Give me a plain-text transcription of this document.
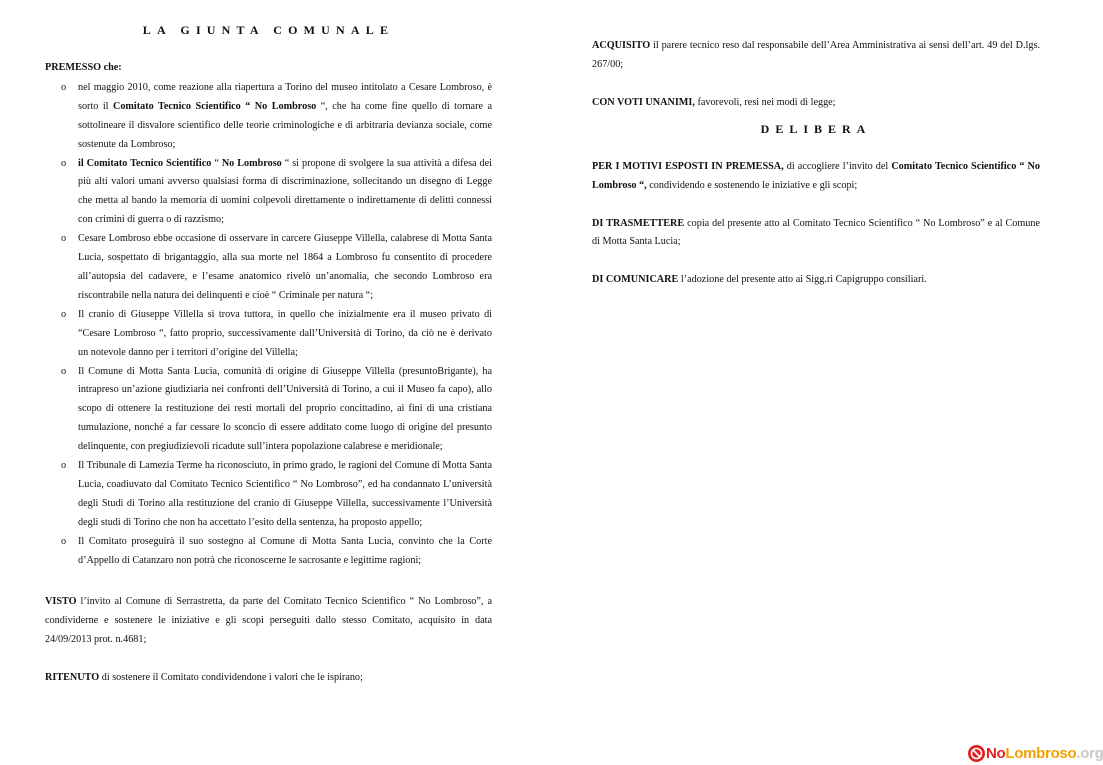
LA GIUNTA COMUNALE
PREMESSO che:
o nel maggio 2010, come reazione alla riapertura a Torino del museo intitolato a Cesare Lombroso, è sorto il Comitato Tecnico Scientifico “ No Lombroso “, che ha come fine quello di tornare a sottolineare il disvalore scientifico delle teorie criminologiche e di arbitraria devianza sociale, come sostenute da Lombroso;
o il Comitato Tecnico Scientifico “ No Lombroso “ si propone di svolgere la sua attività a difesa dei più alti valori umani avverso qualsiasi forma di discriminazione, sollecitando un disegno di Legge che metta al bando la memoria di uomini colpevoli direttamente o indirettamente di delitti connessi con crimini di guerra o di razzismo;
o Cesare Lombroso ebbe occasione di osservare in carcere Giuseppe Villella, calabrese di Motta Santa Lucia, sospettato di brigantaggio, alla sua morte nel 1864 a Lombroso fu consentito di procedere all’autopsia del cadavere, e l’esame anatomico rivelò un’anomalia, che secondo Lombroso era riscontrabile nella natura dei delinquenti e cioè “ Criminale per natura “;
o Il cranio di Giuseppe Villella si trova tuttora, in quello che inizialmente era il museo privato di “Cesare Lombroso “, fatto proprio, successivamente dall’Università di Torino, da ciò ne è derivato un notevole danno per i territori d’origine del Villella;
o Il Comune di Motta Santa Lucia, comunità di origine di Giuseppe Villella (presuntoBrigante), ha intrapreso un’azione giudiziaria nei confronti dell’Università di Torino, a cui il Museo fa capo), allo scopo di ottenere la restituzione dei resti mortali del proprio concittadino, ai fini di una cristiana tumulazione, nonché a far cessare lo sconcio di essere additato come luogo di origine del presunto delinquente, con pregiudizievoli ricadute sull’intera popolazione calabrese e meridionale;
o Il Tribunale di Lamezia Terme ha riconosciuto, in primo grado, le ragioni del Comune di Motta Santa Lucia, coadiuvato dal Comitato Tecnico Scientifico “ No Lombroso”, ed ha condannato L’università degli Studi di Torino alla restituzione del cranio di Giuseppe Villella, successivamente l’Università degli studi di Torino che non ha accettato l’esito della sentenza, ha proposto appello;
o Il Comitato proseguirà il suo sostegno al Comune di Motta Santa Lucia, convinto che la Corte d’Appello di Catanzaro non potrà che riconoscerne le sacrosante e legittime ragioni;

VISTO l’invito al Comune di Serrastretta, da parte del Comitato Tecnico Scientifico “ No Lombroso”, a condividerne e sostenere le iniziative e gli scopi perseguiti dallo stesso Comitato, acquisito in data 24/09/2013 prot. n.4681;

RITENUTO di sostenere il Comitato condividendone i valori che le ispirano;

ACQUISITO il parere tecnico reso dal responsabile dell’Area Amministrativa ai sensi dell’art. 49 del D.lgs. 267/00;

CON VOTI UNANIMI, favorevoli, resi nei modi di legge;

DELIBERA

PER I MOTIVI ESPOSTI IN PREMESSA, di accogliere l’invito del Comitato Tecnico Scientifico “ No Lombroso “, condividendo e sostenendo le iniziative e gli scopi;

DI TRASMETTERE copia del presente atto al Comitato Tecnico Scientifico “ No Lombroso” e al Comune di Motta Santa Lucia;

DI COMUNICARE l’adozione del presente atto ai Sigg.ri Capigruppo consiliari.

No Lombroso .org
